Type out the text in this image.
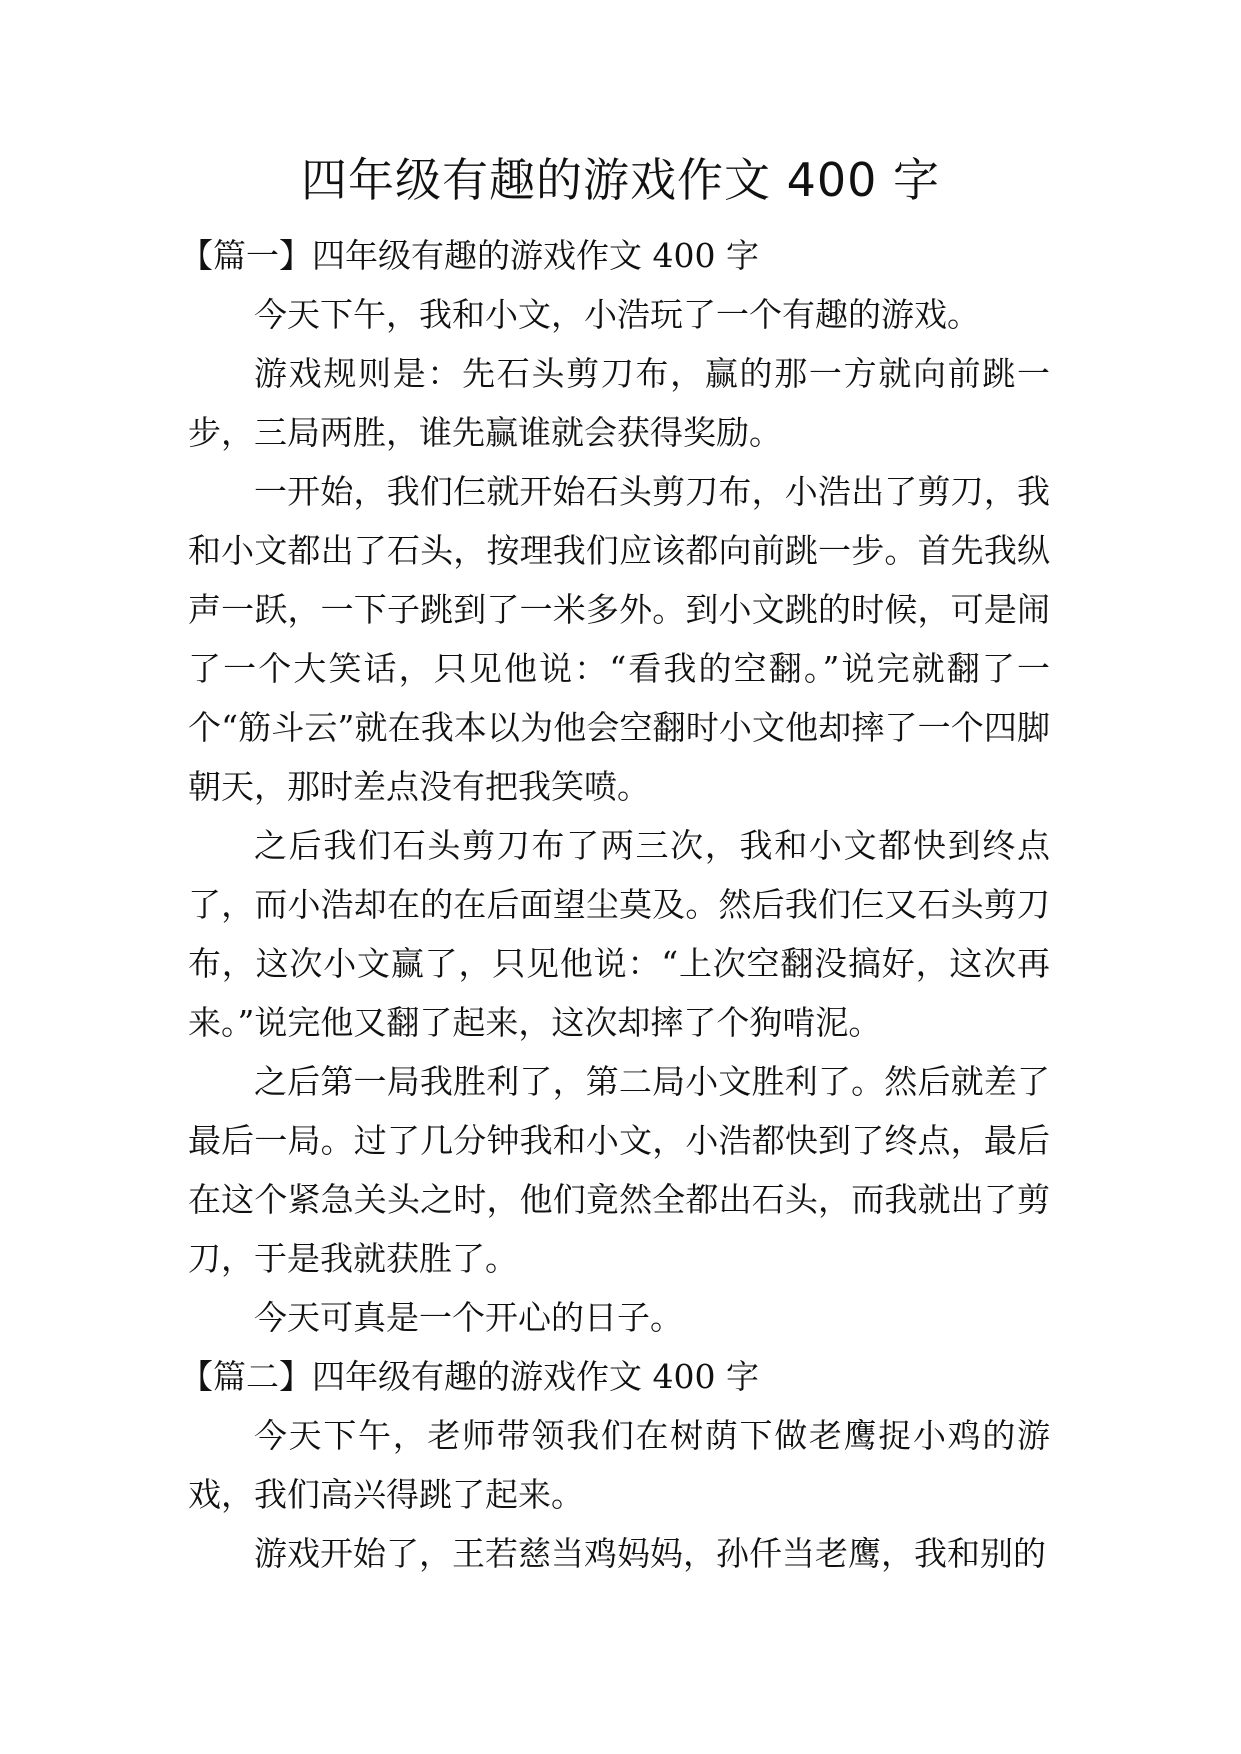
四年级有趣的游戏作文 400 字

【篇一】四年级有趣的游戏作文 400 字

今天下午，我和小文，小浩玩了一个有趣的游戏。

游戏规则是：先石头剪刀布，赢的那一方就向前跳一步，三局两胜，谁先赢谁就会获得奖励。

一开始，我们仨就开始石头剪刀布，小浩出了剪刀，我和小文都出了石头，按理我们应该都向前跳一步。首先我纵声一跃，一下子跳到了一米多外。到小文跳的时候，可是闹了一个大笑话，只见他说：“看我的空翻。”说完就翻了一个“筋斗云”就在我本以为他会空翻时小文他却摔了一个四脚朝天，那时差点没有把我笑喷。

之后我们石头剪刀布了两三次，我和小文都快到终点了，而小浩却在的在后面望尘莫及。然后我们仨又石头剪刀布，这次小文赢了，只见他说：“上次空翻没搞好，这次再来。”说完他又翻了起来，这次却摔了个狗啃泥。

之后第一局我胜利了，第二局小文胜利了。然后就差了最后一局。过了几分钟我和小文，小浩都快到了终点，最后在这个紧急关头之时，他们竟然全都出石头，而我就出了剪刀，于是我就获胜了。

今天可真是一个开心的日子。

【篇二】四年级有趣的游戏作文 400 字

今天下午，老师带领我们在树荫下做老鹰捉小鸡的游戏，我们高兴得跳了起来。

游戏开始了，王若慈当鸡妈妈，孙仟当老鹰，我和别的
